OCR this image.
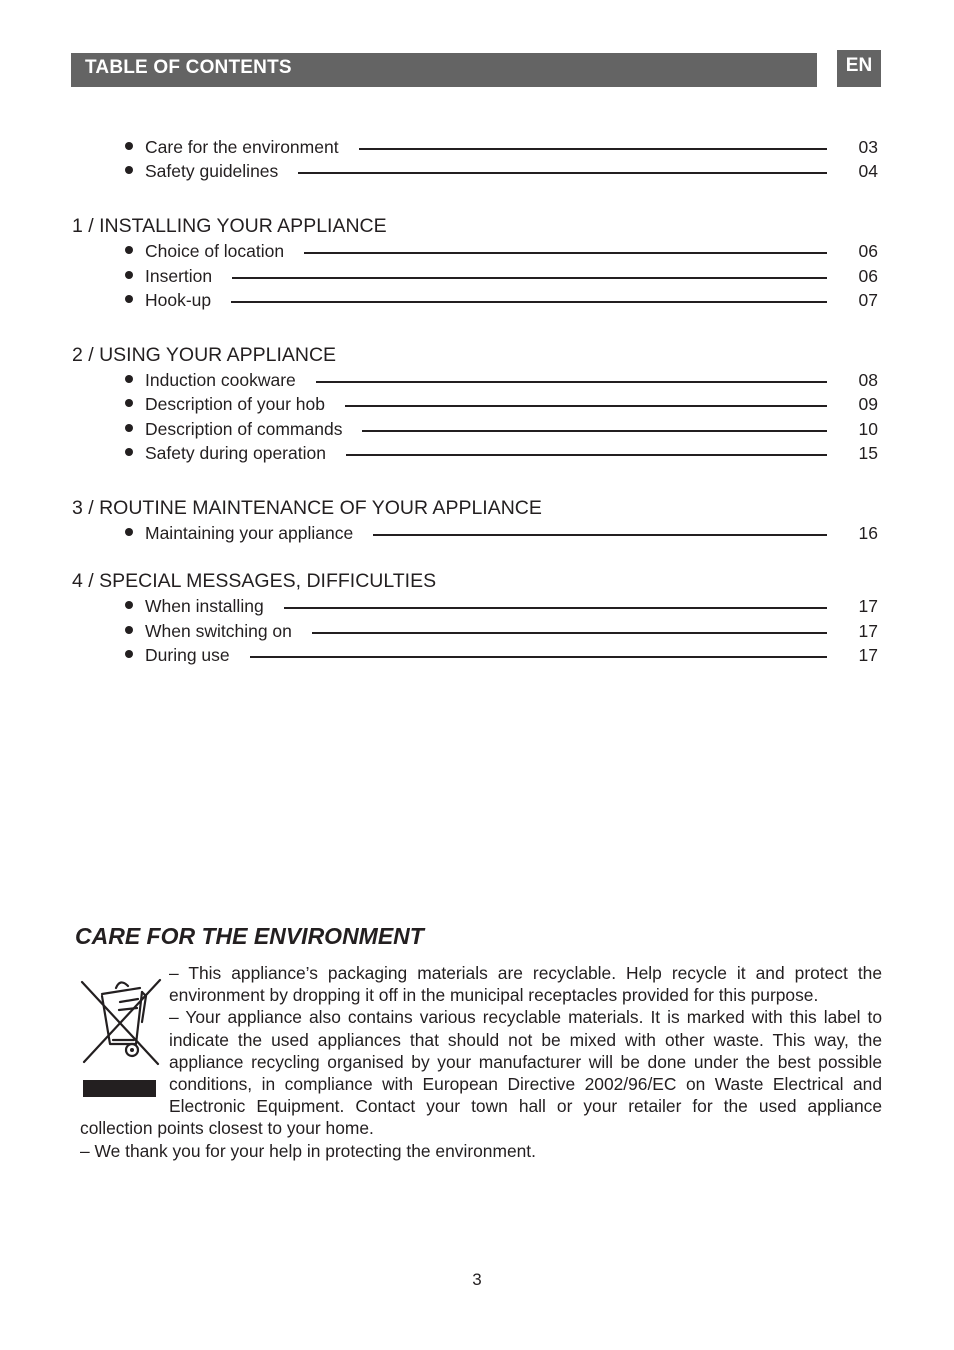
TABLE OF CONTENTS	EN
Care for the environment	03
Safety guidelines	04
1 / INSTALLING YOUR APPLIANCE
Choice of location	06
Insertion	06
Hook-up	07
2 / USING YOUR APPLIANCE
Induction cookware	08
Description of your hob	09
Description of commands	10
Safety during operation	15
3 / ROUTINE MAINTENANCE OF YOUR APPLIANCE
Maintaining your appliance	16
4 / SPECIAL MESSAGES, DIFFICULTIES
When installing	17
When switching on	17
During use	17
CARE FOR THE ENVIRONMENT

– This appliance’s packaging materials are recyclable. Help recycle it and protect the environment by dropping it off in the municipal receptacles provided for this purpose.

– Your appliance also contains various recyclable materials. It is marked with this label to indicate the used appliances that should not be mixed with other waste. This way, the appliance recycling organised by your manufacturer will be done under the best possible conditions, in compliance with European Directive 2002/96/EC on Waste Electrical and Electronic Equipment. Contact your town hall or your retailer for the used appliance collection points closest to your home.

– We thank you for your help in protecting the environment.

3
